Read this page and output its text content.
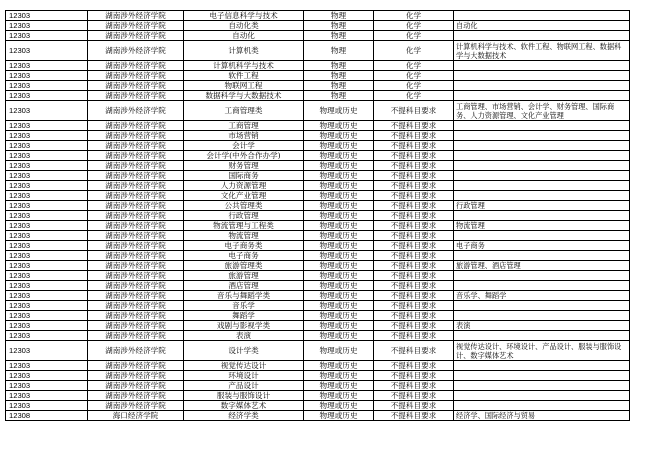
12303	湖南涉外经济学院	电子信息科学与技术	物理	化学	
12303	湖南涉外经济学院	自动化类	物理	化学	自动化
12303	湖南涉外经济学院	自动化	物理	化学	
12303	湖南涉外经济学院	计算机类	物理	化学	计算机科学与技术、软件工程、物联网工程、数据科学与大数据技术
12303	湖南涉外经济学院	计算机科学与技术	物理	化学	
12303	湖南涉外经济学院	软件工程	物理	化学	
12303	湖南涉外经济学院	物联网工程	物理	化学	
12303	湖南涉外经济学院	数据科学与大数据技术	物理	化学	
12303	湖南涉外经济学院	工商管理类	物理或历史	不提科目要求	工商管理、市场营销、会计学、财务管理、国际商务、人力资源管理、文化产业管理
12303	湖南涉外经济学院	工商管理	物理或历史	不提科目要求	
12303	湖南涉外经济学院	市场营销	物理或历史	不提科目要求	
12303	湖南涉外经济学院	会计学	物理或历史	不提科目要求	
12303	湖南涉外经济学院	会计学(中外合作办学)	物理或历史	不提科目要求	
12303	湖南涉外经济学院	财务管理	物理或历史	不提科目要求	
12303	湖南涉外经济学院	国际商务	物理或历史	不提科目要求	
12303	湖南涉外经济学院	人力资源管理	物理或历史	不提科目要求	
12303	湖南涉外经济学院	文化产业管理	物理或历史	不提科目要求	
12303	湖南涉外经济学院	公共管理类	物理或历史	不提科目要求	行政管理
12303	湖南涉外经济学院	行政管理	物理或历史	不提科目要求	
12303	湖南涉外经济学院	物流管理与工程类	物理或历史	不提科目要求	物流管理
12303	湖南涉外经济学院	物流管理	物理或历史	不提科目要求	
12303	湖南涉外经济学院	电子商务类	物理或历史	不提科目要求	电子商务
12303	湖南涉外经济学院	电子商务	物理或历史	不提科目要求	
12303	湖南涉外经济学院	旅游管理类	物理或历史	不提科目要求	旅游管理、酒店管理
12303	湖南涉外经济学院	旅游管理	物理或历史	不提科目要求	
12303	湖南涉外经济学院	酒店管理	物理或历史	不提科目要求	
12303	湖南涉外经济学院	音乐与舞蹈学类	物理或历史	不提科目要求	音乐学、舞蹈学
12303	湖南涉外经济学院	音乐学	物理或历史	不提科目要求	
12303	湖南涉外经济学院	舞蹈学	物理或历史	不提科目要求	
12303	湖南涉外经济学院	戏剧与影视学类	物理或历史	不提科目要求	表演
12303	湖南涉外经济学院	表演	物理或历史	不提科目要求	
12303	湖南涉外经济学院	设计学类	物理或历史	不提科目要求	视觉传达设计、环境设计、产品设计、服装与服饰设计、数字媒体艺术
12303	湖南涉外经济学院	视觉传达设计	物理或历史	不提科目要求	
12303	湖南涉外经济学院	环境设计	物理或历史	不提科目要求	
12303	湖南涉外经济学院	产品设计	物理或历史	不提科目要求	
12303	湖南涉外经济学院	服装与服饰设计	物理或历史	不提科目要求	
12303	湖南涉外经济学院	数字媒体艺术	物理或历史	不提科目要求	
12308	海口经济学院	经济学类	物理或历史	不提科目要求	经济学、国际经济与贸易
